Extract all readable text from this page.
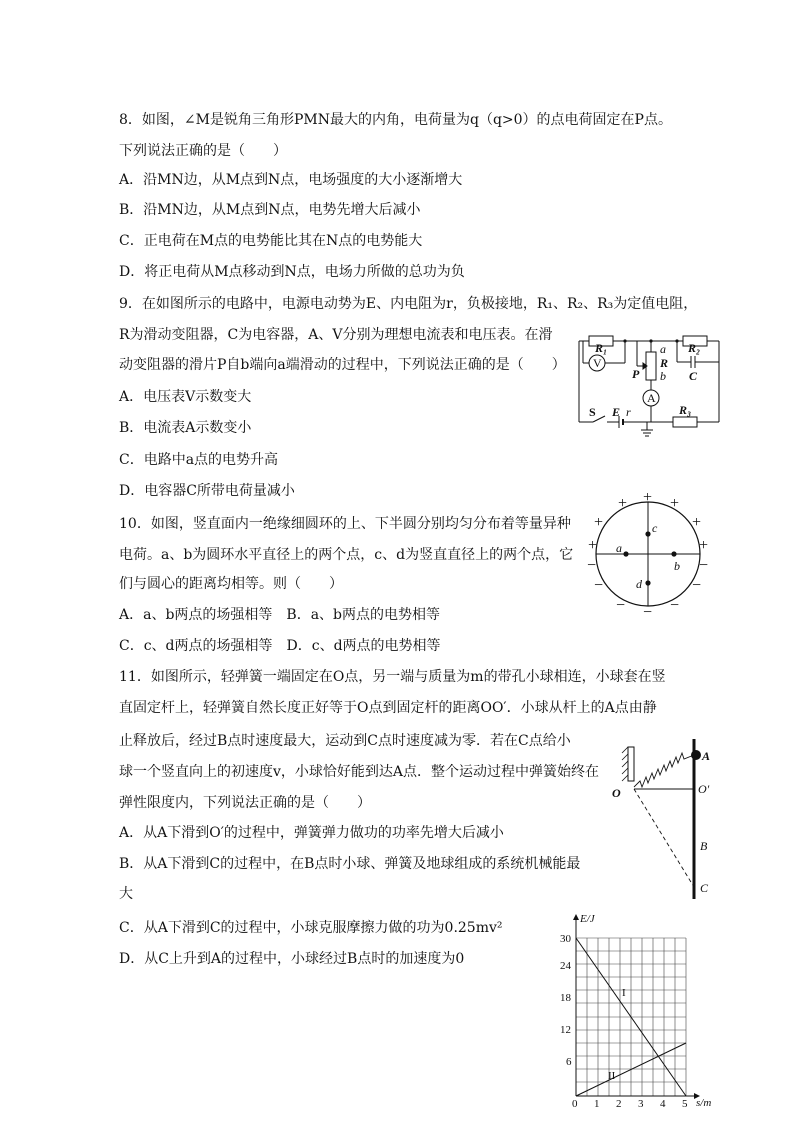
8．如图，∠M是锐角三角形PMN最大的内角，电荷量为q（q>0）的点电荷固定在P点。
下列说法正确的是（　　）
A．沿MN边，从M点到N点，电场强度的大小逐渐增大
B．沿MN边，从M点到N点，电势先增大后减小
C．正电荷在M点的电势能比其在N点的电势能大
D．将正电荷从M点移动到N点，电场力所做的总功为负
9．在如图所示的电路中，电源电动势为E、内电阻为r，负极接地，R₁、R₂、R₃为定值电阻，
R为滑动变阻器，C为电容器，A、V分别为理想电流表和电压表。在滑
动变阻器的滑片P自b端向a端滑动的过程中，下列说法正确的是（　　）
A．电压表V示数变大
B．电流表A示数变小
C．电路中a点的电势升高
D．电容器C所带电荷量减小
10．如图，竖直面内一绝缘细圆环的上、下半圆分别均匀分布着等量异种
电荷。a、b为圆环水平直径上的两个点，c、d为竖直直径上的两个点，它
们与圆心的距离均相等。则（　　）
A．a、b两点的场强相等　B．a、b两点的电势相等
C．c、d两点的场强相等　D．c、d两点的电势相等
11．如图所示，轻弹簧一端固定在O点，另一端与质量为m的带孔小球相连，小球套在竖
直固定杆上，轻弹簧自然长度正好等于O点到固定杆的距离OO′．小球从杆上的A点由静
止释放后，经过B点时速度最大，运动到C点时速度减为零．若在C点给小
球一个竖直向上的初速度v，小球恰好能到达A点．整个运动过程中弹簧始终在
弹性限度内，下列说法正确的是（　　）
A．从A下滑到O′的过程中，弹簧弹力做功的功率先增大后减小
B．从A下滑到C的过程中，在B点时小球、弹簧及地球组成的系统机械能最
大
C．从A下滑到C的过程中，小球克服摩擦力做的功为0.25mv²
D．从C上升到A的过程中，小球经过B点时的加速度为0
R₁
V
P
a
R
b
R₂
C
A
S E r	R₃
+
+
+ + +
+
+
−
−
− − −
−
−
a
b
c
d
A
O	O′
B
C
E/J
s/m
30
24
18
12
6
0 1 2 3 4 5
I
II
